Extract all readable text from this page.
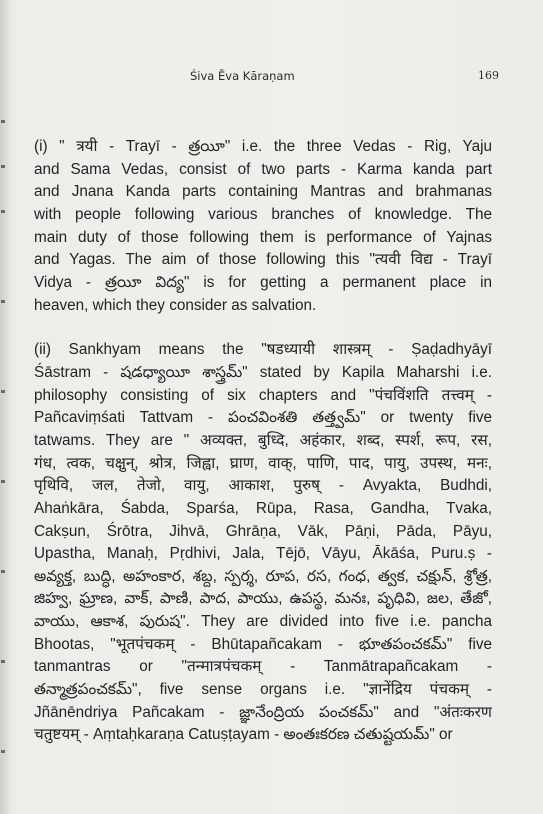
Śiva Ēva Kāraṇam	169

(i) " त्रयी - Trayī - త్రయీ" i.e. the three Vedas - Rig, Yaju
and Sama Vedas, consist of two parts - Karma kanda part
and Jnana Kanda parts containing Mantras and brahmanas
with people following various branches of knowledge. The
main duty of those following them is performance of Yajnas
and Yagas. The aim of those following this "त्यवी विद्य - Trayī
Vidya - త్రయీ విద్య" is for getting a permanent place in
heaven, which they consider as salvation.

(ii) Sankhyam means the "षडध्यायी शास्त्रम् - Ṣaḍadhyāyī
Śāstram - షడధ్యాయీ శాస్త్రమ్" stated by Kapila Maharshi i.e.
philosophy consisting of six chapters and "पंचविंशति तत्त्वम् -
Pañcaviṃśati Tattvam - పంచవింశతి తత్త్వమ్" or twenty five
tatwams. They are " अव्यक्त, बुध्दि, अहंकार, शब्द, स्पर्श, रूप, रस,
गंध, त्वक, चक्षुन्, श्रोत्र, जिह्वा, घ्राण, वाक्, पाणि, पाद, पायु, उपस्थ, मनः,
पृथिवि, जल, तेजो, वायु, आकाश, पुरुष् - Avyakta, Budhdi,
Ahaṅkāra, Śabda, Sparśa, Rūpa, Rasa, Gandha, Tvaka,
Cakṣun, Śrōtra, Jihvā, Ghrāṇa, Vāk, Pāṇi, Pāda, Pāyu,
Upastha, Manaḥ, Pṛdhivi, Jala, Tējō, Vāyu, Ākāśa, Puru.ṣ -
అవ్యక్త, బుద్ధి, అహంకార, శబ్ద, స్పర్శ, రూప, రస, గంధ, త్వక, చక్షున్, శ్రోత్ర,
జిహ్వ, ఘ్రాణ, వాక్, పాణి, పాద, పాయు, ఉపస్థ, మనః, పృధివి, జల, తేజో,
వాయు, ఆకాశ, పురుష". They are divided into five i.e. pancha
Bhootas, "भूतपंचकम् - Bhūtapañcakam - భూతపంచకమ్" five
tanmantras or "तन्मात्रपंचकम् - Tanmātrapañcakam -
తన్మాత్రపంచకమ్", five sense organs i.e. "ज्ञानेंद्रिय पंचकम् -
Jñānēndriya Pañcakam - జ్ఞానేంద్రియ పంచకమ్" and "अंतःकरण
चतुष्टयम् - Aṃtaḥkaraṇa Catuṣṭayam - అంతఃకరణ చతుష్టయమ్" or
